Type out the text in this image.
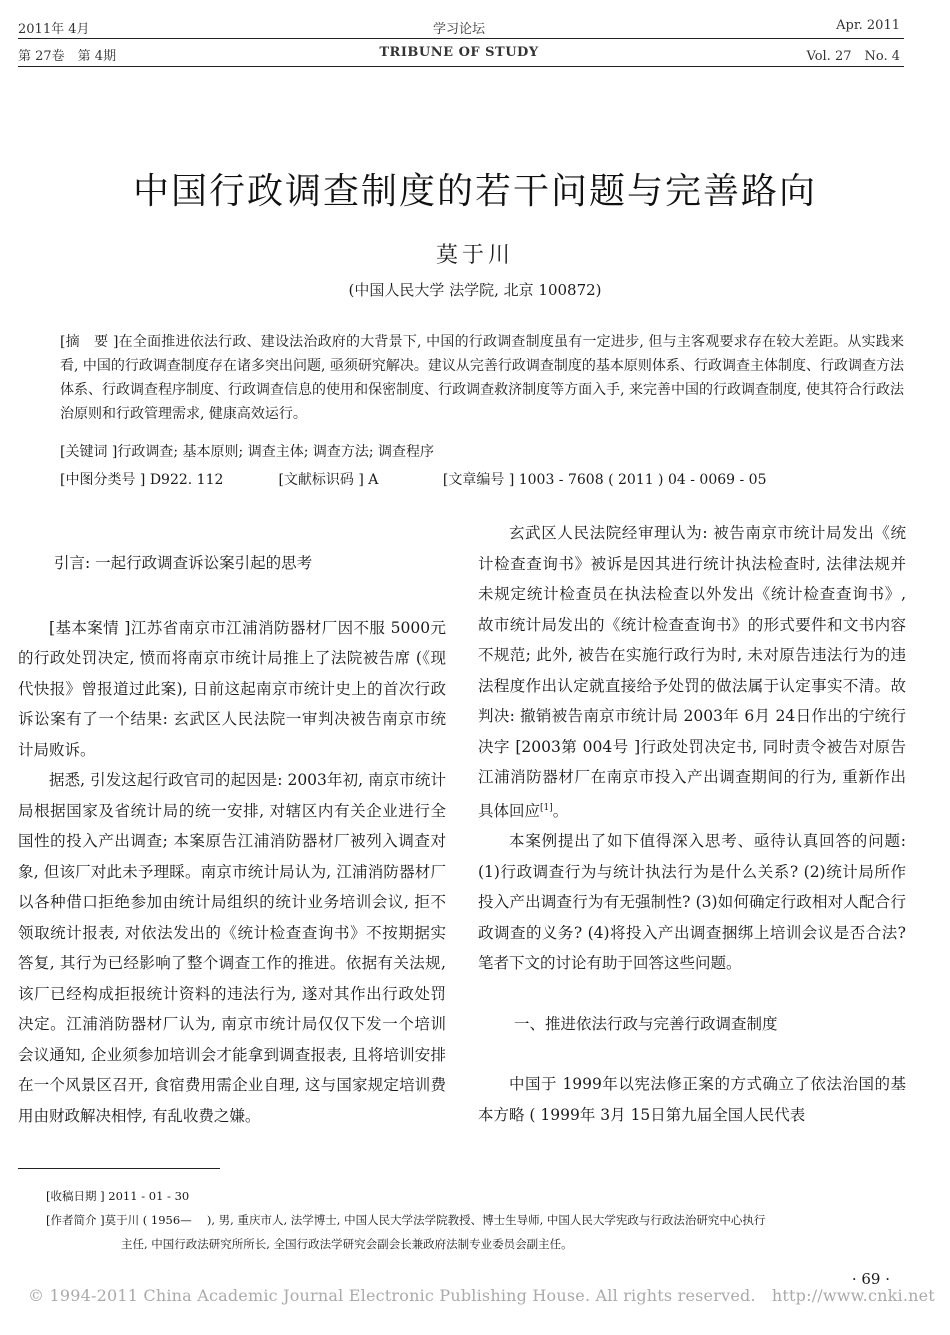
2011年 4月	学习论坛	Apr. 2011
第 27卷　第 4期	TRIBUNE OF STUDY	Vol. 27　No. 4
中国行政调查制度的若干问题与完善路向
莫于川
(中国人民大学 法学院, 北京 100872)
[摘　要 ]在全面推进依法行政、建设法治政府的大背景下, 中国的行政调查制度虽有一定进步, 但与主客观要求存在较大差距。从实践来看, 中国的行政调查制度存在诸多突出问题, 亟须研究解决。建议从完善行政调查制度的基本原则体系、行政调查主体制度、行政调查方法体系、行政调查程序制度、行政调查信息的使用和保密制度、行政调查救济制度等方面入手, 来完善中国的行政调查制度, 使其符合行政法治原则和行政管理需求, 健康高效运行。
[关键词 ]行政调查; 基本原则; 调查主体; 调查方法; 调查程序
[中图分类号 ] D922. 112	[文献标识码 ] A	[文章编号 ] 1003 - 7608 ( 2011 ) 04 - 0069 - 05
引言: 一起行政调查诉讼案引起的思考

[基本案情 ]江苏省南京市江浦消防器材厂因不服 5000元的行政处罚决定, 愤而将南京市统计局推上了法院被告席 (《现代快报》曾报道过此案), 日前这起南京市统计史上的首次行政诉讼案有了一个结果: 玄武区人民法院一审判决被告南京市统计局败诉。

据悉, 引发这起行政官司的起因是: 2003年初, 南京市统计局根据国家及省统计局的统一安排, 对辖区内有关企业进行全国性的投入产出调查; 本案原告江浦消防器材厂被列入调查对象, 但该厂对此未予理睬。南京市统计局认为, 江浦消防器材厂以各种借口拒绝参加由统计局组织的统计业务培训会议, 拒不领取统计报表, 对依法发出的《统计检查查询书》不按期据实答复, 其行为已经影响了整个调查工作的推进。依据有关法规, 该厂已经构成拒报统计资料的违法行为, 遂对其作出行政处罚决定。江浦消防器材厂认为, 南京市统计局仅仅下发一个培训会议通知, 企业须参加培训会才能拿到调查报表, 且将培训安排在一个风景区召开, 食宿费用需企业自理, 这与国家规定培训费用由财政解决相悖, 有乱收费之嫌。

玄武区人民法院经审理认为: 被告南京市统计局发出《统计检查查询书》被诉是因其进行统计执法检查时, 法律法规并未规定统计检查员在执法检查以外发出《统计检查查询书》, 故市统计局发出的《统计检查查询书》的形式要件和文书内容不规范; 此外, 被告在实施行政行为时, 未对原告违法行为的违法程度作出认定就直接给予处罚的做法属于认定事实不清。故判决: 撤销被告南京市统计局 2003年 6月 24日作出的宁统行决字 [2003第 004号 ]行政处罚决定书, 同时责令被告对原告江浦消防器材厂在南京市投入产出调查期间的行为, 重新作出具体回应[1]。

本案例提出了如下值得深入思考、亟待认真回答的问题: (1)行政调查行为与统计执法行为是什么关系? (2)统计局所作投入产出调查行为有无强制性? (3)如何确定行政相对人配合行政调查的义务? (4)将投入产出调查捆绑上培训会议是否合法? 笔者下文的讨论有助于回答这些问题。

一、推进依法行政与完善行政调查制度

中国于 1999年以宪法修正案的方式确立了依法治国的基本方略 ( 1999年 3月 15日第九届全国人民代表

[收稿日期 ] 2011 - 01 - 30
[作者简介 ]莫于川 ( 1956—　 ), 男, 重庆市人, 法学博士, 中国人民大学法学院教授、博士生导师, 中国人民大学宪政与行政法治研究中心执行
主任, 中国行政法研究所所长, 全国行政法学研究会副会长兼政府法制专业委员会副主任。
· 69 ·
© 1994-2011 China Academic Journal Electronic Publishing House. All rights reserved.　http://www.cnki.net
